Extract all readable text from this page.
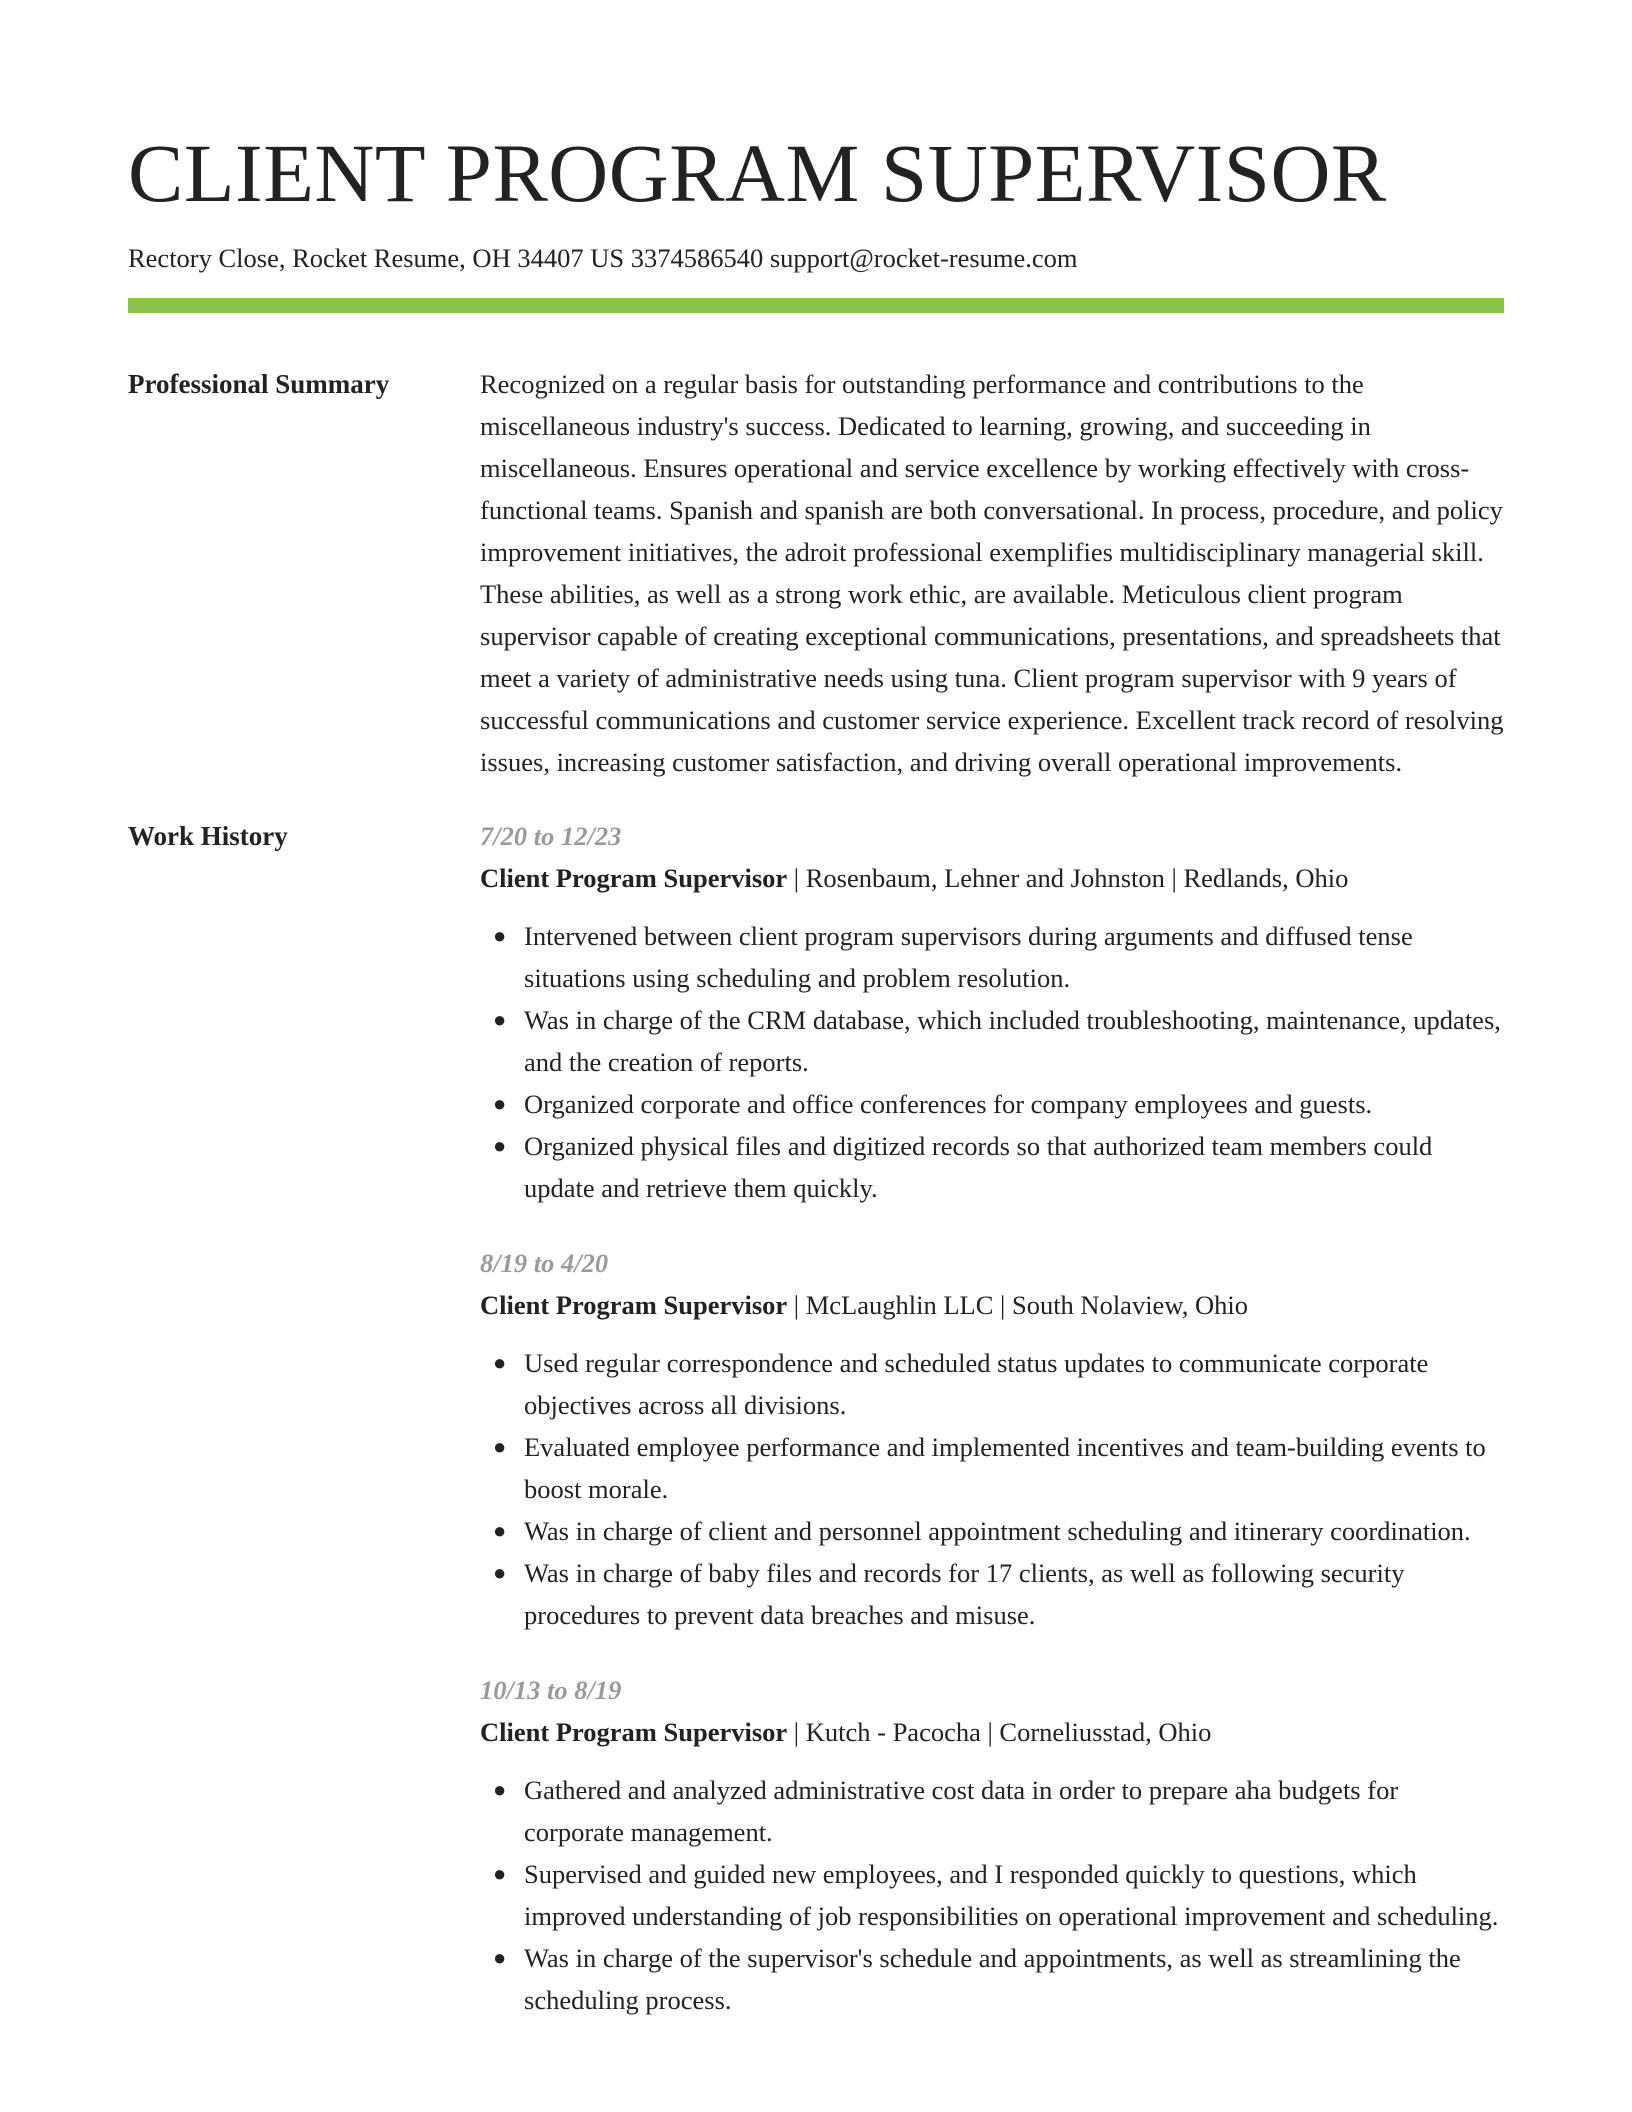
CLIENT PROGRAM SUPERVISOR
Rectory Close, Rocket Resume, OH 34407 US 3374586540 support@rocket-resume.com
Professional Summary	Recognized on a regular basis for outstanding performance and contributions to the miscellaneous industry's success. Dedicated to learning, growing, and succeeding in miscellaneous. Ensures operational and service excellence by working effectively with cross-functional teams. Spanish and spanish are both conversational. In process, procedure, and policy improvement initiatives, the adroit professional exemplifies multidisciplinary managerial skill. These abilities, as well as a strong work ethic, are available. Meticulous client program supervisor capable of creating exceptional communications, presentations, and spreadsheets that meet a variety of administrative needs using tuna. Client program supervisor with 9 years of successful communications and customer service experience. Excellent track record of resolving issues, increasing customer satisfaction, and driving overall operational improvements.

Work History	7/20 to 12/23
Client Program Supervisor | Rosenbaum, Lehner and Johnston | Redlands, Ohio
● Intervened between client program supervisors during arguments and diffused tense situations using scheduling and problem resolution.
● Was in charge of the CRM database, which included troubleshooting, maintenance, updates, and the creation of reports.
● Organized corporate and office conferences for company employees and guests.
● Organized physical files and digitized records so that authorized team members could update and retrieve them quickly.
8/19 to 4/20
Client Program Supervisor | McLaughlin LLC | South Nolaview, Ohio
● Used regular correspondence and scheduled status updates to communicate corporate objectives across all divisions.
● Evaluated employee performance and implemented incentives and team-building events to boost morale.
● Was in charge of client and personnel appointment scheduling and itinerary coordination.
● Was in charge of baby files and records for 17 clients, as well as following security procedures to prevent data breaches and misuse.
10/13 to 8/19
Client Program Supervisor | Kutch - Pacocha | Corneliusstad, Ohio
● Gathered and analyzed administrative cost data in order to prepare aha budgets for corporate management.
● Supervised and guided new employees, and I responded quickly to questions, which improved understanding of job responsibilities on operational improvement and scheduling.
● Was in charge of the supervisor's schedule and appointments, as well as streamlining the scheduling process.
